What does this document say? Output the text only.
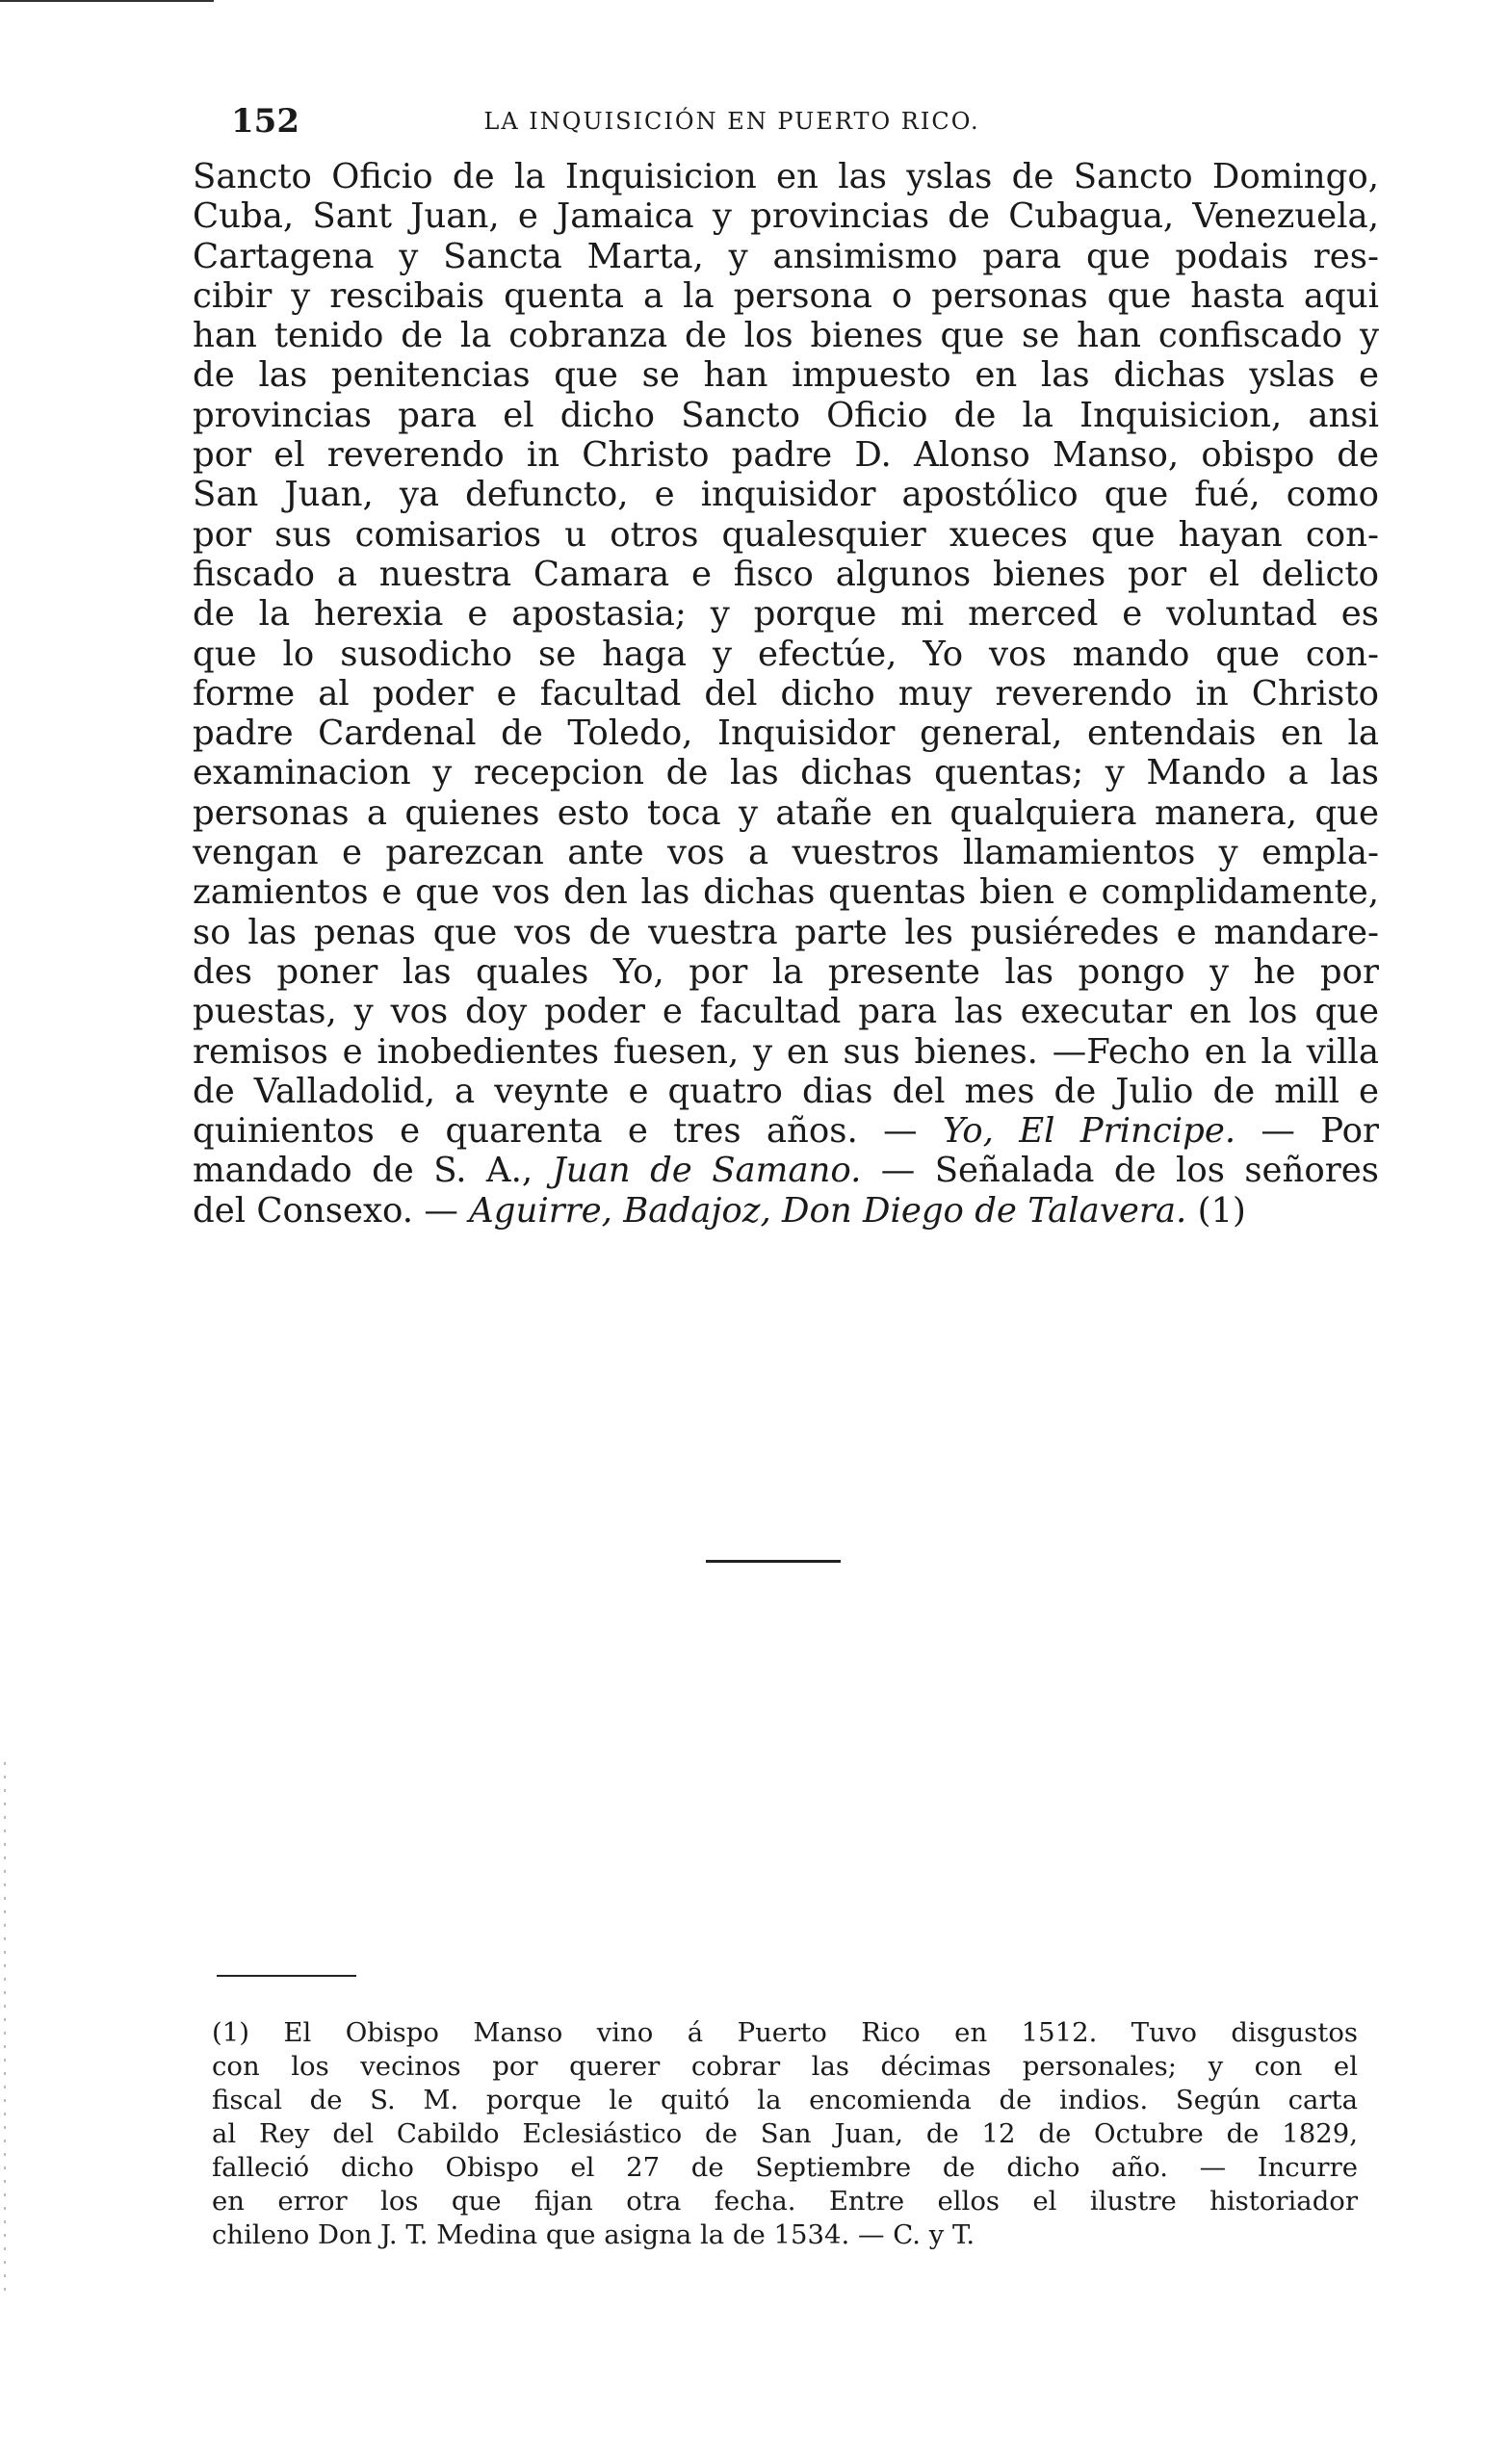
152	LA INQUISICIÓN EN PUERTO RICO.
Sancto Oficio de la Inquisicion en las yslas de Sancto Domingo,
Cuba, Sant Juan, e Jamaica y provincias de Cubagua, Venezuela,
Cartagena y Sancta Marta, y ansimismo para que podais res-
cibir y rescibais quenta a la persona o personas que hasta aqui
han tenido de la cobranza de los bienes que se han confiscado y
de las penitencias que se han impuesto en las dichas yslas e
provincias para el dicho Sancto Oficio de la Inquisicion, ansi
por el reverendo in Christo padre D. Alonso Manso, obispo de
San Juan, ya defuncto, e inquisidor apostólico que fué, como
por sus comisarios u otros qualesquier xueces que hayan con-
fiscado a nuestra Camara e fisco algunos bienes por el delicto
de la herexia e apostasia; y porque mi merced e voluntad es
que lo susodicho se haga y efectúe, Yo vos mando que con-
forme al poder e facultad del dicho muy reverendo in Christo
padre Cardenal de Toledo, Inquisidor general, entendais en la
examinacion y recepcion de las dichas quentas; y Mando a las
personas a quienes esto toca y atañe en qualquiera manera, que
vengan e parezcan ante vos a vuestros llamamientos y empla-
zamientos e que vos den las dichas quentas bien e complidamente,
so las penas que vos de vuestra parte les pusiéredes e mandare-
des poner las quales Yo, por la presente las pongo y he por
puestas, y vos doy poder e facultad para las executar en los que
remisos e inobedientes fuesen, y en sus bienes. —Fecho en la villa
de Valladolid, a veynte e quatro dias del mes de Julio de mill e
quinientos e quarenta e tres años. — Yo, El Principe. — Por
mandado de S. A., Juan de Samano. — Señalada de los señores
del Consexo. — Aguirre, Badajoz, Don Diego de Talavera. (1)
(1) El Obispo Manso vino á Puerto Rico en 1512. Tuvo disgustos
con los vecinos por querer cobrar las décimas personales; y con el
fiscal de S. M. porque le quitó la encomienda de indios. Según carta
al Rey del Cabildo Eclesiástico de San Juan, de 12 de Octubre de 1829,
falleció dicho Obispo el 27 de Septiembre de dicho año. — Incurre
en error los que fijan otra fecha. Entre ellos el ilustre historiador
chileno Don J. T. Medina que asigna la de 1534. — C. y T.
